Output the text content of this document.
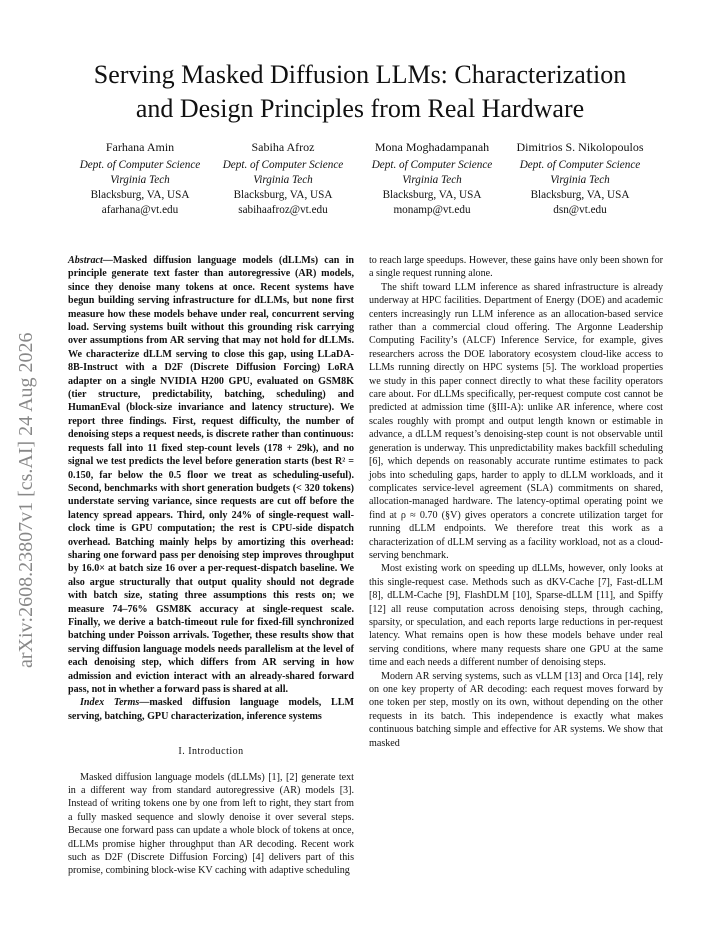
arXiv:2608.23807v1 [cs.AI] 24 Aug 2026
Serving Masked Diffusion LLMs: Characterization
and Design Principles from Real Hardware
Farhana Amin
Dept. of Computer Science
Virginia Tech
Blacksburg, VA, USA
afarhana@vt.edu
Sabiha Afroz
Dept. of Computer Science
Virginia Tech
Blacksburg, VA, USA
sabihaafroz@vt.edu
Mona Moghadampanah
Dept. of Computer Science
Virginia Tech
Blacksburg, VA, USA
monamp@vt.edu
Dimitrios S. Nikolopoulos
Dept. of Computer Science
Virginia Tech
Blacksburg, VA, USA
dsn@vt.edu

Abstract—Masked diffusion language models (dLLMs) can in principle generate text faster than autoregressive (AR) models, since they denoise many tokens at once. Recent systems have begun building serving infrastructure for dLLMs, but none first measure how these models behave under real, concurrent serving load. Serving systems built without this grounding risk carrying over assumptions from AR serving that may not hold for dLLMs. We characterize dLLM serving to close this gap, using LLaDA-8B-Instruct with a D2F (Discrete Diffusion Forcing) LoRA adapter on a single NVIDIA H200 GPU, evaluated on GSM8K (tier structure, predictability, batching, scheduling) and HumanEval (block-size invariance and latency structure). We report three findings. First, request difficulty, the number of denoising steps a request needs, is discrete rather than continuous: requests fall into 11 fixed step-count levels (178 + 29k), and no signal we test predicts the level before generation starts (best R² = 0.150, far below the 0.5 floor we treat as scheduling-useful). Second, benchmarks with short generation budgets (< 320 tokens) understate serving variance, since requests are cut off before the latency spread appears. Third, only 24% of single-request wall-clock time is GPU computation; the rest is CPU-side dispatch overhead. Batching mainly helps by amortizing this overhead: sharing one forward pass per denoising step improves throughput by 16.0× at batch size 16 over a per-request-dispatch baseline. We also argue structurally that output quality should not degrade with batch size, stating three assumptions this rests on; we measure 74–76% GSM8K accuracy at single-request scale. Finally, we derive a batch-timeout rule for fixed-fill synchronized batching under Poisson arrivals. Together, these results show that serving diffusion language models needs parallelism at the level of each denoising step, which differs from AR serving in how admission and eviction interact with an already-shared forward pass, not in whether a forward pass is shared at all.

Index Terms—masked diffusion language models, LLM serving, batching, GPU characterization, inference systems

I. Introduction

Masked diffusion language models (dLLMs) [1], [2] generate text in a different way from standard autoregressive (AR) models [3]. Instead of writing tokens one by one from left to right, they start from a fully masked sequence and slowly denoise it over several steps. Because one forward pass can update a whole block of tokens at once, dLLMs promise higher throughput than AR decoding. Recent work such as D2F (Discrete Diffusion Forcing) [4] delivers part of this promise, combining block-wise KV caching with adaptive scheduling

to reach large speedups. However, these gains have only been shown for a single request running alone.

The shift toward LLM inference as shared infrastructure is already underway at HPC facilities. Department of Energy (DOE) and academic centers increasingly run LLM inference as an allocation-based service rather than a commercial cloud offering. The Argonne Leadership Computing Facility’s (ALCF) Inference Service, for example, gives researchers across the DOE laboratory ecosystem cloud-like access to LLMs running directly on HPC systems [5]. The workload properties we study in this paper connect directly to what these facility operators care about. For dLLMs specifically, per-request compute cost cannot be predicted at admission time (§III-A): unlike AR inference, where cost scales roughly with prompt and output length known or estimable in advance, a dLLM request’s denoising-step count is not observable until generation is underway. This unpredictability makes backfill scheduling [6], which depends on reasonably accurate runtime estimates to pack jobs into scheduling gaps, harder to apply to dLLM workloads, and it complicates service-level agreement (SLA) commitments on shared, allocation-managed hardware. The latency-optimal operating point we find at ρ ≈ 0.70 (§V) gives operators a concrete utilization target for running dLLM endpoints. We therefore treat this work as a characterization of dLLM serving as a facility workload, not as a cloud-serving benchmark.

Most existing work on speeding up dLLMs, however, only looks at this single-request case. Methods such as dKV-Cache [7], Fast-dLLM [8], dLLM-Cache [9], FlashDLM [10], Sparse-dLLM [11], and Spiffy [12] all reuse computation across denoising steps, through caching, sparsity, or speculation, and each reports large reductions in per-request latency. What remains open is how these models behave under real serving conditions, where many requests share one GPU at the same time and each needs a different number of denoising steps.

Modern AR serving systems, such as vLLM [13] and Orca [14], rely on one key property of AR decoding: each request moves forward by one token per step, mostly on its own, without depending on the other requests in its batch. This independence is exactly what makes continuous batching simple and effective for AR systems. We show that masked
